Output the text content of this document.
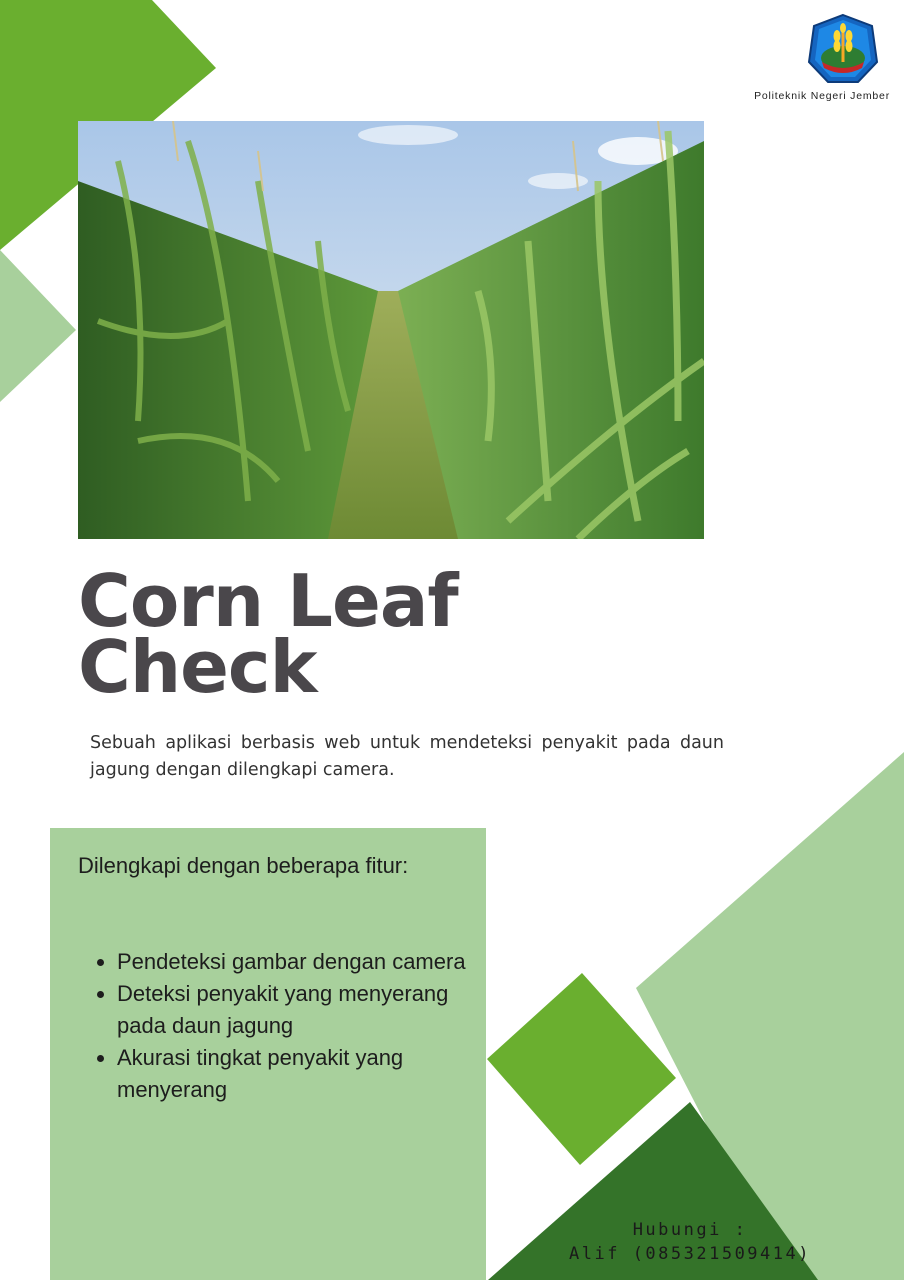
Politeknik Negeri Jember
Corn Leaf
Check

Sebuah aplikasi berbasis web untuk mendeteksi penyakit pada daun jagung dengan dilengkapi camera.

Dilengkapi dengan beberapa fitur:

• Pendeteksi gambar dengan camera
• Deteksi penyakit yang menyerang pada daun jagung
• Akurasi tingkat penyakit yang menyerang
Hubungi :
Alif (085321509414)
